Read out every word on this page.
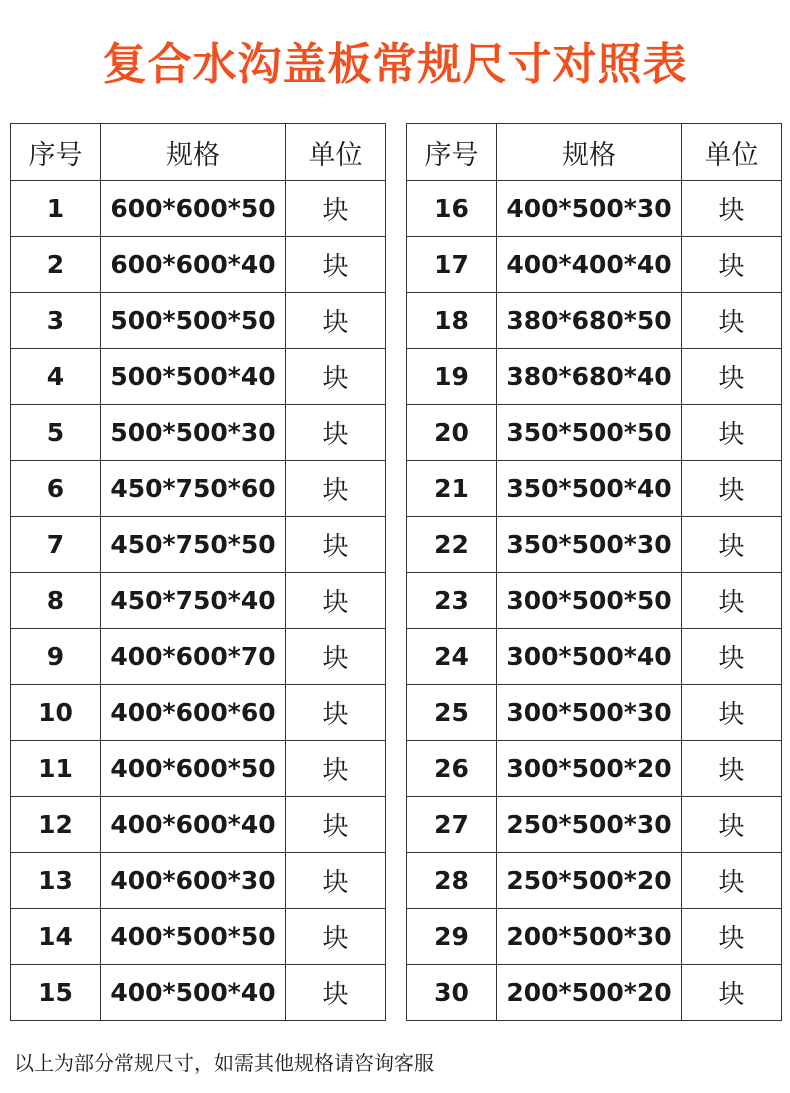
复合水沟盖板常规尺寸对照表
序号	规格	单位
1	600*600*50	块
2	600*600*40	块
3	500*500*50	块
4	500*500*40	块
5	500*500*30	块
6	450*750*60	块
7	450*750*50	块
8	450*750*40	块
9	400*600*70	块
10	400*600*60	块
11	400*600*50	块
12	400*600*40	块
13	400*600*30	块
14	400*500*50	块
15	400*500*40	块
序号	规格	单位
16	400*500*30	块
17	400*400*40	块
18	380*680*50	块
19	380*680*40	块
20	350*500*50	块
21	350*500*40	块
22	350*500*30	块
23	300*500*50	块
24	300*500*40	块
25	300*500*30	块
26	300*500*20	块
27	250*500*30	块
28	250*500*20	块
29	200*500*30	块
30	200*500*20	块
以上为部分常规尺寸，如需其他规格请咨询客服
